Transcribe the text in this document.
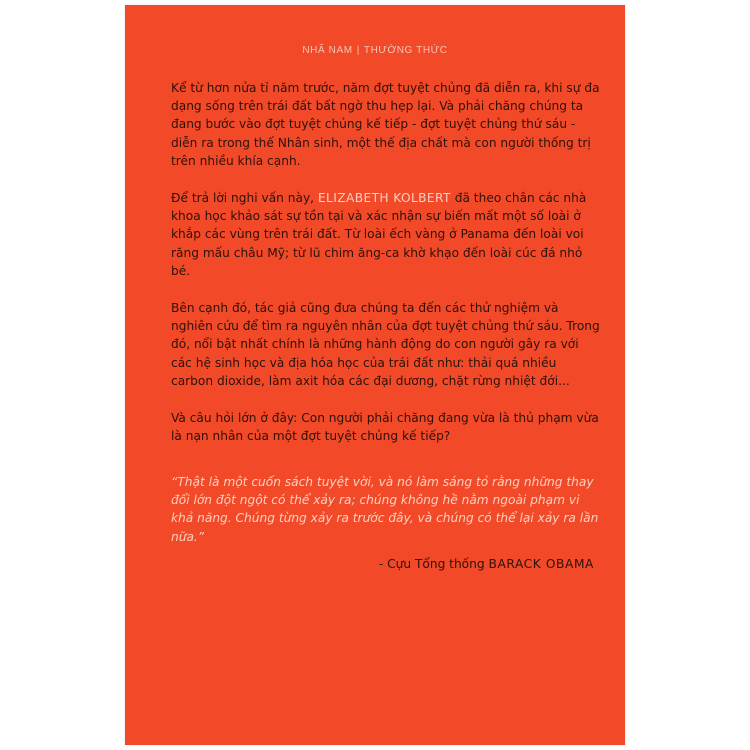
NHÃ NAM | THƯỜNG THỨC

Kể từ hơn nửa tỉ năm trước, năm đợt tuyệt chủng đã diễn ra, khi sự đa dạng sống trên trái đất bất ngờ thu hẹp lại. Và phải chăng chúng ta đang bước vào đợt tuyệt chủng kế tiếp - đợt tuyệt chủng thứ sáu - diễn ra trong thế Nhân sinh, một thế địa chất mà con người thống trị trên nhiều khía cạnh.

Để trả lời nghi vấn này, ELIZABETH KOLBERT đã theo chân các nhà khoa học khảo sát sự tồn tại và xác nhận sự biến mất một số loài ở khắp các vùng trên trái đất. Từ loài ếch vàng ở Panama đến loài voi răng mấu châu Mỹ; từ lũ chim ăng-ca khờ khạo đến loài cúc đá nhỏ bé.

Bên cạnh đó, tác giả cũng đưa chúng ta đến các thử nghiệm và nghiên cứu để tìm ra nguyên nhân của đợt tuyệt chủng thứ sáu. Trong đó, nổi bật nhất chính là những hành động do con người gây ra với các hệ sinh học và địa hóa học của trái đất như: thải quá nhiều carbon dioxide, làm axit hóa các đại dương, chặt rừng nhiệt đới...

Và câu hỏi lớn ở đây: Con người phải chăng đang vừa là thủ phạm vừa là nạn nhân của một đợt tuyệt chủng kế tiếp?

“Thật là một cuốn sách tuyệt vời, và nó làm sáng tỏ rằng những thay đổi lớn đột ngột có thể xảy ra; chúng không hề nằm ngoài phạm vi khả năng. Chúng từng xảy ra trước đây, và chúng có thể lại xảy ra lần nữa.”

- Cựu Tổng thống BARACK OBAMA
